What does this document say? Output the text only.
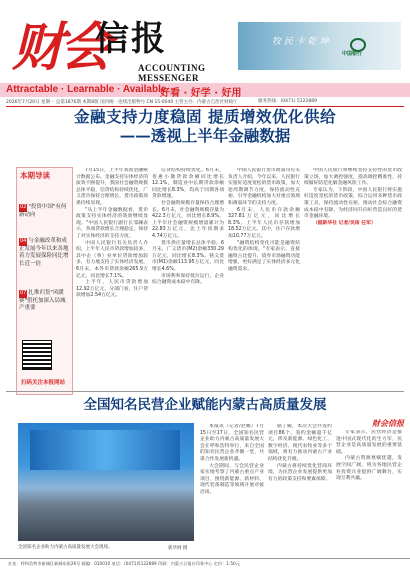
财会
信报
ACCOUNTING
MESSENGER
牧 民 卡 乾 坤
中国银行
Attractable · Learnable · Available
好看 · 好学 · 好用
2026年7月20日 星期一 总第1876期 本期8版 国内统一连续出版物号 CN 15-0040 主管主办：内蒙古自治区财政厅	服务热线：(0471) 5122889
金融支持力度稳固 提质增效优化供给
——透视上半年金融数据
本期导读
02 "投资中国"有何新动向
04 与金融改革和成正发展今年以来各地着力发展保险同比增长近一倍
07 扎堆归货"风暖赛"借托加深入局城产重要
扫码关注本报网站

7月15日，上半年我国金融统计数据公布。金融支持实体经济的质效不断提升，我国社会融资规模总体平稳，信贷结构持续优化，广义货币保持合理增长，货币政策效果持续显现。

"从上半年金融数据看，货币政策支持实体经济的效果继续显现。"中国人民银行副行长邹澜表示，各项贷款增长合理稳定，保持了对实体经济的支持力度。

中国人民银行有关负责人介绍，上半年人民币贷款增加较多，其中企（事）业单位贷款增加较多，有力地支持了实体经济发展。6月末，本外币贷款余额265.9万亿元，同比增长7.1%。

上半年，人民币贷款增加12.92万亿元。分部门看，住户贷款增加2.54万亿元。

信贷结构持续优化。6月末，普惠小微贷款余额同比增长12.1%，制造业中长期贷款余额同比增长8.3%，均高于同期各项贷款增速。

社会融资规模存量保持合理增长。6月末，社会融资规模存量为422.3万亿元，同比增长8.9%。上半年社会融资规模增量累计为22.83万亿元，比上年同期多4.74万亿元。

货币供应量增长总体平稳。6月末，广义货币(M2)余额330.29万亿元，同比增长8.3%。狭义货币(M1)余额113.95万亿元，同比增长4.6%。

市场利率保持低位运行，企业综合融资成本稳中有降。

中国人民银行货币政策司有关负责人介绍，今年以来，人民银行实施好适度宽松的货币政策，加大逆周期调节力度，保持流动性充裕，引导金融机构加大对重点领域和薄弱环节的支持力度。

6月末，人民币存款余额327.81万亿元，同比增长8.3%。上半年人民币存款增加18.52万亿元。其中，住户存款增加10.77万亿元。

"融资结构变化可能是融资结构优化的体现。"专家表示，直接融资占比提升，债券市场融资功能增强，更好满足了实体经济多元化融资需求。

中国人民银行将继续坚持支持性的货币政策立场，加大调控强度，提高调控精准性，持续做好防范化解金融风险工作。

专家认为，下阶段，中国人民银行将实施好适度宽松的货币政策，综合运用多种货币政策工具，保持流动性充裕，推动社会综合融资成本稳中有降，为经济回升向好营造良好的货币金融环境。

（据新华社 记者/吴雨 任军）

全国知名民营企业赋能内蒙古高质量发展
财会信报
全国知名企业助力内蒙古高质量发展大会现场。	新华网 摄

本报讯（记者/赵娜）7月15日至17日，全国知名民营企业助力内蒙古高质量发展大会在呼和浩特举行，来自全国的知名民营企业齐聚一堂，共谋合作发展新机遇。

大会期间，与会民营企业家实地考察了内蒙古重点产业项目，围绕新能源、新材料、现代装备制造等领域开展对接洽谈。

据了解，本次大会共签约项目86个，签约金额超千亿元，涉及新能源、绿色化工、数字经济、现代农牧业等多个领域，将有力推动内蒙古产业结构优化升级。

内蒙古将持续优化营商环境，为民营企业发展提供更加有力的政策支持和要素保障。

专家表示，民营经济是推进中国式现代化的生力军，民营企业是高质量发展的重要基础。

内蒙古资源禀赋优越，发展空间广阔，将为各地民营企业投资兴业提供广阔舞台，实现互利共赢。

社址：呼和浩特市新城区新城东街26号 邮编：010010 电话：(0471)5122889 印刷：内蒙古日报社印务中心 定价：1.50元
